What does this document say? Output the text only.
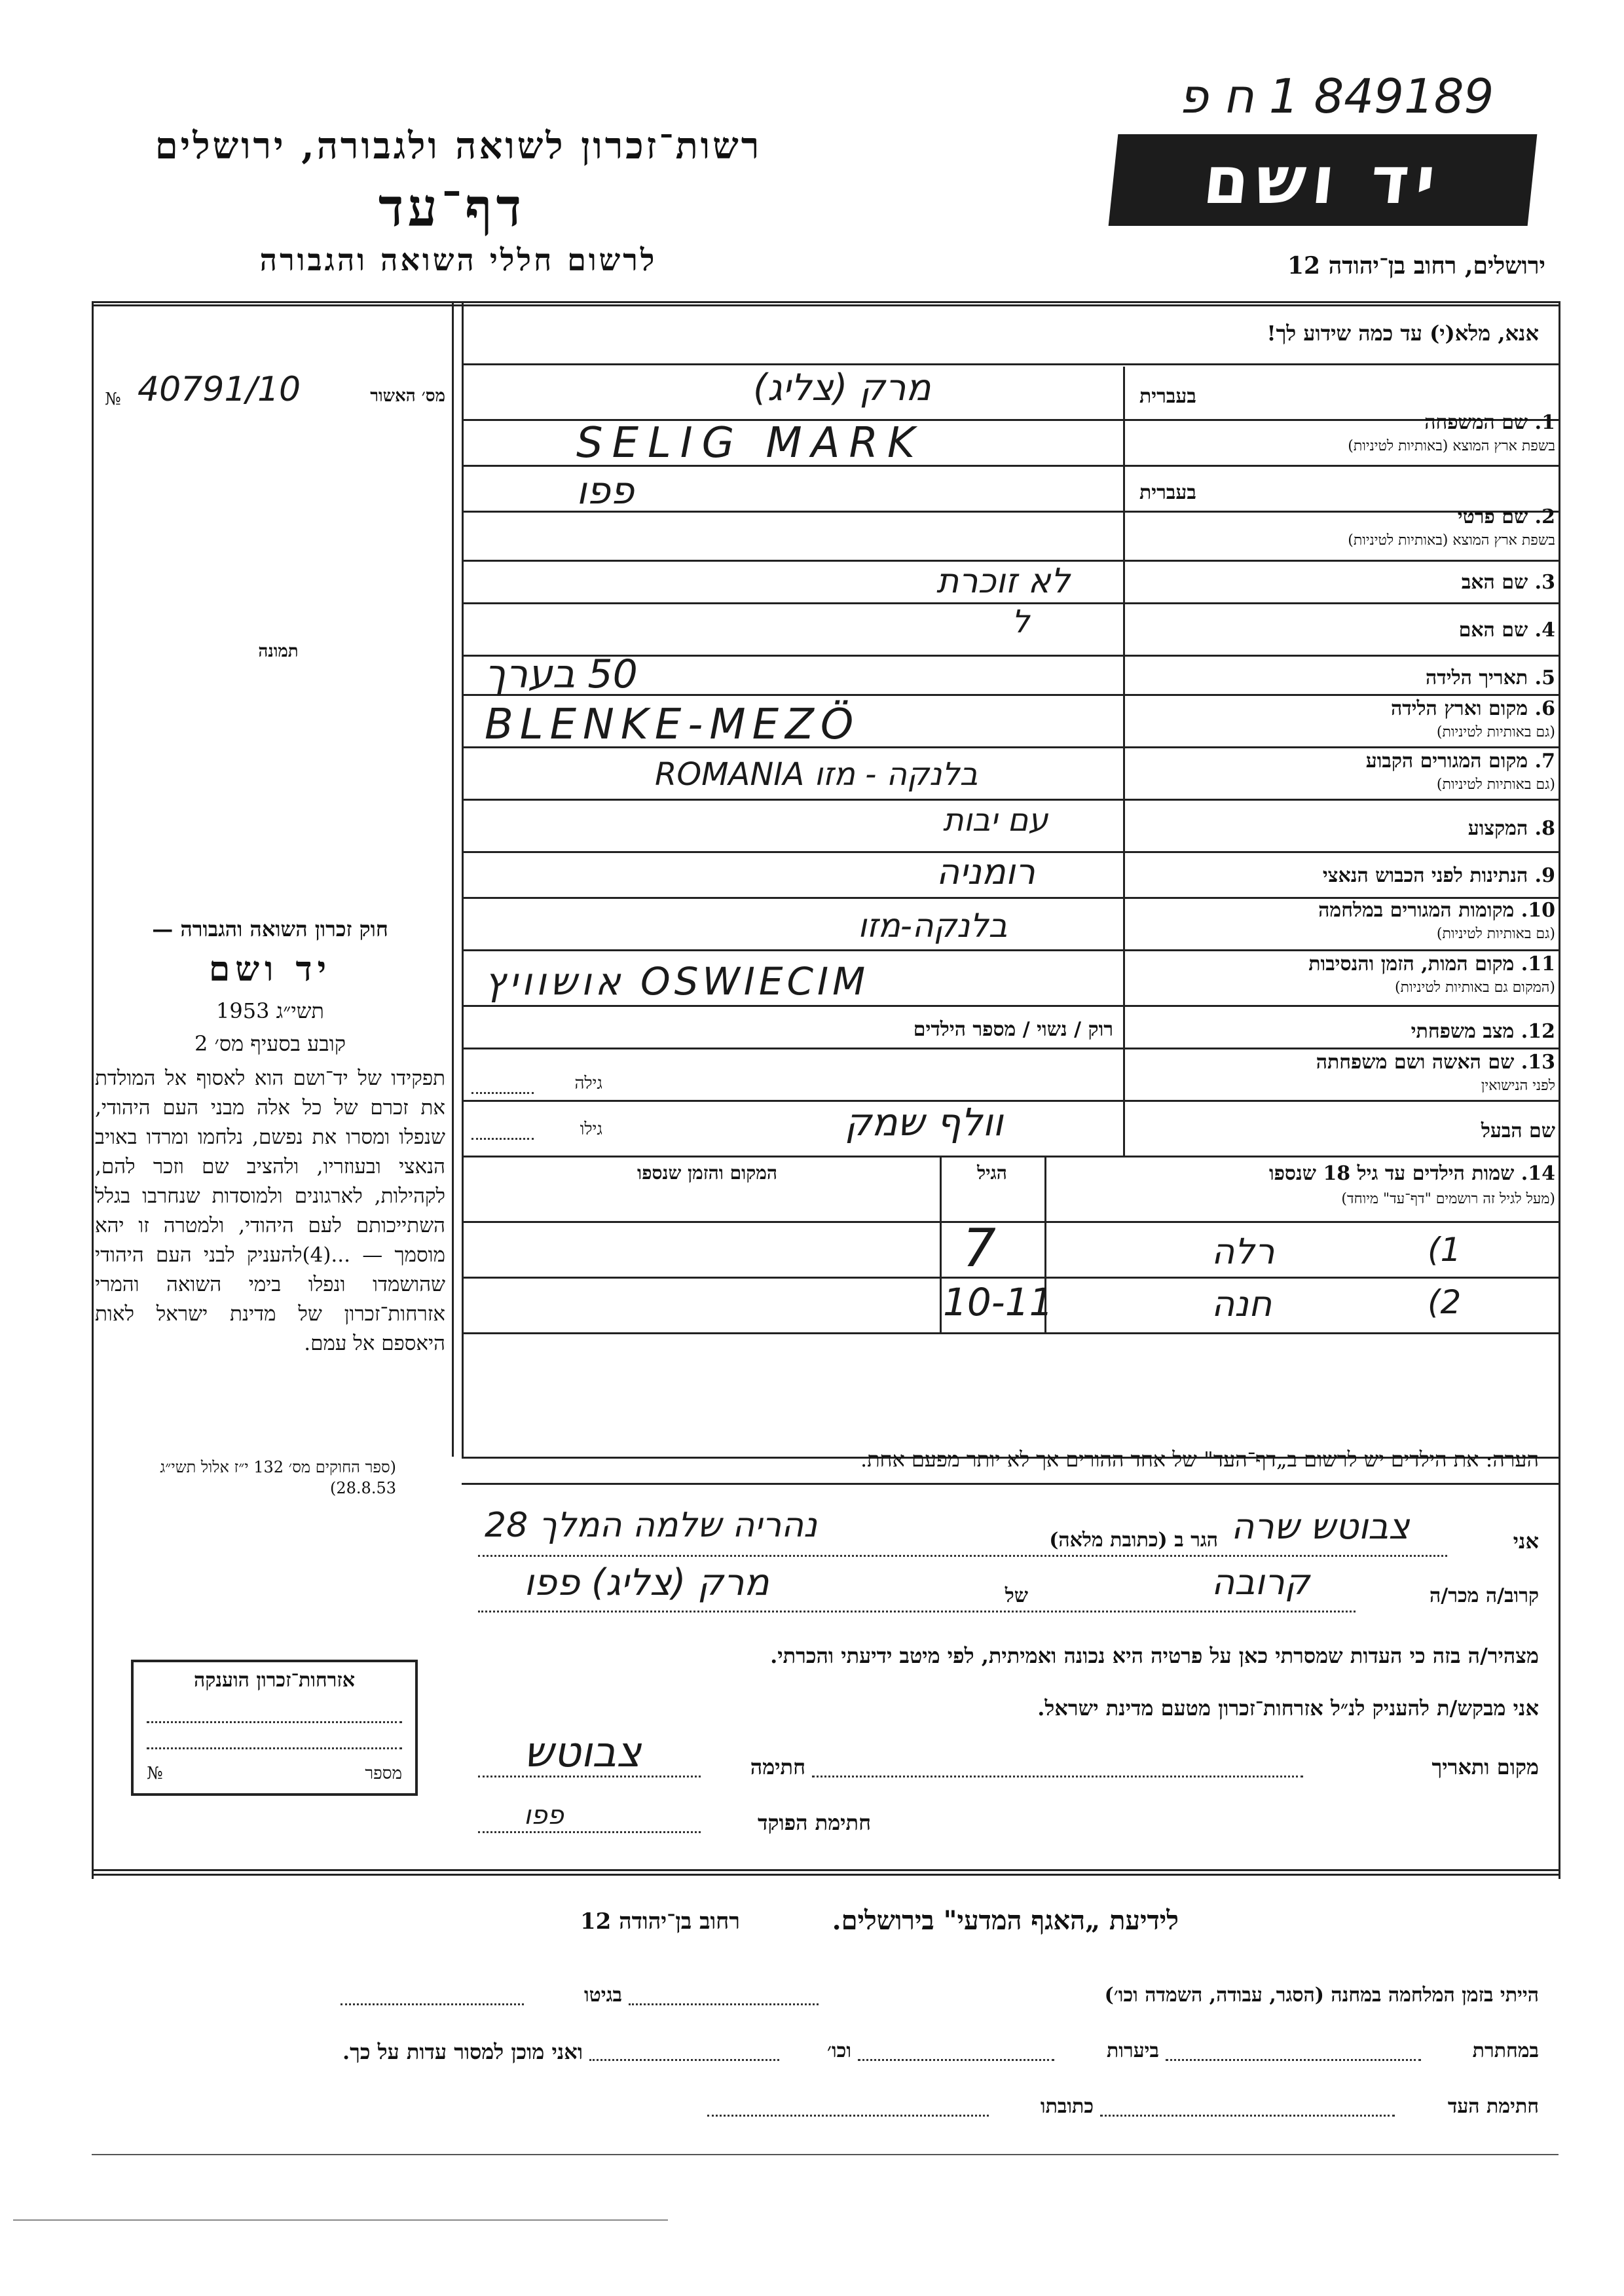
רשות־זכרון לשואה ולגבורה, ירושלים
דף־עד
לרשום חללי השואה והגבורה
יד ושם
849189 1 ח פ
ירושלים, רחוב בן־יהודה 12
אנא, מלא(י) עד כמה שידוע לך!
מס׳ האשור
№ 40791/10
תמונה
בעברית
1. שם המשפחה
בשפת ארץ המוצא (באותיות לטיניות)
מרק (צליג)
SELIG MARK
בעברית
2. שם פרטי
בשפת ארץ המוצא (באותיות לטיניות)
פפו
3. שם האב
לא זוכרת
4. שם האם
ל
5. תאריך הלידה
50 בערך
6. מקום וארץ הלידה
(גם באותיות לטיניות)
BLENKE-MEZÖ
7. מקום המגורים הקבוע
(גם באותיות לטיניות)
בלנקה - מזו ROMANIA
8. המקצוע
עם יבות
9. הנתינות לפני הכבוש הנאצי
רומניה
10. מקומות המגורים במלחמה
(גם באותיות לטיניות)
בלנקה-מזו
11. מקום המות, הזמן והנסיבות
(המקום גם באותיות לטיניות)
OSWIECIM אושוויץ
12. מצב משפחתי
רוק / נשוי / מספר הילדים
13. שם האשה ושם משפחתה
לפני הנישואין
גילה
שם הבעל
גילו	וולף שמק
14. שמות הילדים עד גיל 18 שנספו
(מעל לגיל זה רושמים "דף־עד" מיוחד)
הגיל
המקום והזמן שנספו
1)
רלה
7
2)
חנה
10-11
הערה: את הילדים יש לרשום ב„דף־העד" של אחד ההורים אך לא יותר מפעם אחת.
אני
צבוטש שרה
הגר ב (כתובת מלאה)
נהריה שלמה המלך 28
קרוב/ה מכר/ה
קרובה
של
מרק (צליג) פפו
מצהיר/ה בזה כי העדות שמסרתי כאן על פרטיה היא נכונה ואמיתית, לפי מיטב ידיעתי והכרתי.
אני מבקש/ת להעניק לנ״ל אזרחות־זכרון מטעם מדינת ישראל.
מקום ותאריך
חתימה
צבוטש
חתימת הפוקד
פפו
חוק זכרון השואה והגבורה —
יד ושם
תשי״ג 1953
קובע בסעיף מס׳ 2
תפקידו של יד־ושם הוא לאסוף אל המולדת את זכרם של כל אלה מבני העם היהודי, שנפלו ומסרו את נפשם, נלחמו ומרדו באויב הנאצי ובעוזריו, ולהציב שם וזכר להם, לקהילות, לארגונים ולמוסדות שנחרבו בגלל השתייכותם לעם היהודי, ולמטרה זו יהא מוסמך — ...(4)להעניק לבני העם היהודי שהושמדו ונפלו בימי השואה והמרי אזרחות־זכרון של מדינת ישראל לאות היאספם אל עמם.
(ספר החוקים מס׳ 132 י״ז אלול תשי״ג 28.8.53)
אזרחות־זכרון הוענקה
מספר
№
לידיעת „האגף המדעי" בירושלים.
רחוב בן־יהודה 12
הייתי בזמן המלחמה במחנה (הסגר, עבודה, השמדה וכו׳)
בגיטו
במחתרת
ביערות
וכו׳
ואני מוכן למסור עדות על כך.
חתימת העד
כתובתו
